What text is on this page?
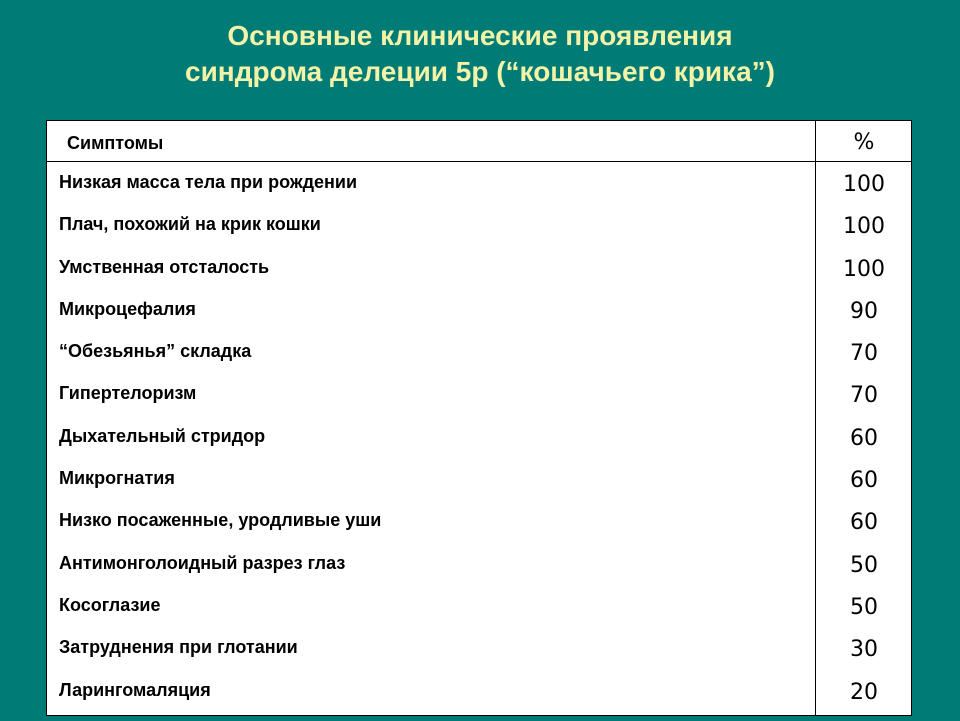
Основные клинические проявления
синдрома делеции 5р (“кошачьего крика”)
Симптомы	%
Низкая масса тела при рождении
Плач, похожий на крик кошки
Умственная отсталость
Микроцефалия
“Обезьянья” складка
Гипертелоризм
Дыхательный стридор
Микрогнатия
Низко посаженные, уродливые уши
Антимонголоидный разрез глаз
Косоглазие
Затруднения при глотании
Ларингомаляция
100
100
100
90
70
70
60
60
60
50
50
30
20
